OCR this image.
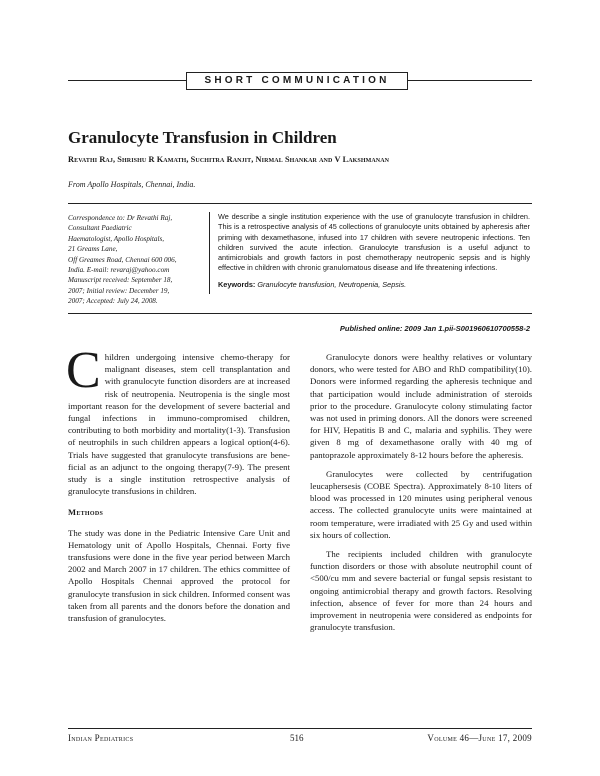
SHORT COMMUNICATION
Granulocyte Transfusion in Children
Revathi Raj, Shrishu R Kamath, Suchitra Ranjit, Nirmal Shankar and V Lakshmanan
From Apollo Hospitals, Chennai, India.
Correspondence to: Dr Revathi Raj,
Consultant Paediatric
Haematologist, Apollo Hospitals,
21 Greams Lane,
Off Greames Road, Chennai 600 006,
India. E-mail: revaraj@yahoo.com
Manuscript received: September 18,
2007; Initial review: December 19,
2007; Accepted: July 24, 2008.
We describe a single institution experience with the use of granulocyte transfusion in children. This is a retrospective analysis of 45 collections of granulocyte units obtained by apheresis after priming with dexamethasone, infused into 17 children with severe neutropenic infections. Ten children survived the acute infection. Granulocyte transfusion is a useful adjunct to antimicrobials and growth factors in post chemotherapy neutropenic sepsis and is highly effective in children with chronic granulomatous disease and life threatening infections.
Keywords: Granulocyte transfusion, Neutropenia, Sepsis.
Published online: 2009 Jan 1.pii-S001960610700558-2

Children undergoing intensive chemo-therapy for malignant diseases, stem cell transplantation and with granulocyte function disorders are at increased risk of neutropenia. Neutropenia is the single most important reason for the development of severe bacterial and fungal infections in immuno-compromised children, contributing to both morbidity and mortality(1-3). Transfusion of neutrophils in such children appears a logical option(4-6). Trials have suggested that granulocyte transfusions are bene-ficial as an adjunct to the ongoing therapy(7-9). The present study is a single institution retrospective analysis of granulocyte transfusions in children.

Methods

The study was done in the Pediatric Intensive Care Unit and Hematology unit of Apollo Hospitals, Chennai. Forty five transfusions were done in the five year period between March 2002 and March 2007 in 17 children. The ethics committee of Apollo Hospitals Chennai approved the protocol for granulocyte transfusion in sick children. Informed consent was taken from all parents and the donors before the donation and transfusion of granulocytes.

Granulocyte donors were healthy relatives or voluntary donors, who were tested for ABO and RhD compatibility(10). Donors were informed regarding the apheresis technique and that participation would include administration of steroids prior to the procedure. Granulocyte colony stimulating factor was not used in priming donors. All the donors were screened for HIV, Hepatitis B and C, malaria and syphilis. They were given 8 mg of dexamethasone orally with 40 mg of pantoprazole approximately 8-12 hours before the apheresis.

Granulocytes were collected by centrifugation leucaphersesis (COBE Spectra). Approximately 8-10 liters of blood was processed in 120 minutes using peripheral venous access. The collected granulocyte units were maintained at room temperature, were irradiated with 25 Gy and used within six hours of collection.

The recipients included children with granulocyte function disorders or those with absolute neutrophil count of <500/cu mm and severe bacterial or fungal sepsis resistant to ongoing antimicrobial therapy and growth factors. Resolving infection, absence of fever for more than 24 hours and improvement in neutropenia were considered as endpoints for granulocyte transfusion.

Indian Pediatrics	516	Volume 46—June 17, 2009
